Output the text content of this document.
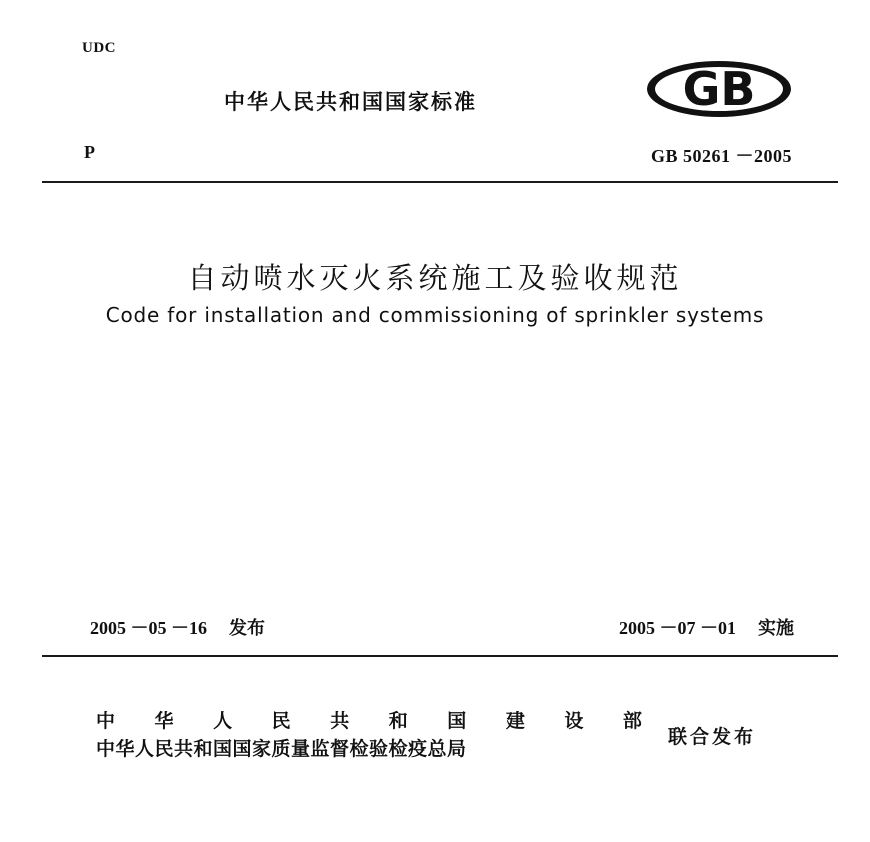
UDC
中华人民共和国国家标准	GB
P	GB 50261 －2005
自动喷水灭火系统施工及验收规范
Code for installation and commissioning of sprinkler systems
2005 －05 －16 发布	2005 －07 －01 实施
中 华 人 民 共 和 国 建 设 部
中华人民共和国国家质量监督检验检疫总局
联合发布
